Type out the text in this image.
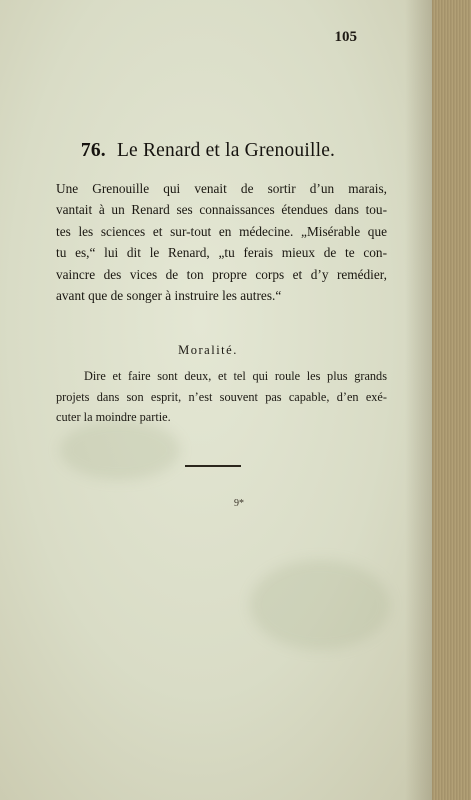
105
76. Le Renard et la Grenouille.

Une Grenouille qui venait de sortir d’un marais,
vantait à un Renard ses connaissances étendues dans tou-
tes les sciences et sur-tout en médecine. „Misérable que
tu es,“ lui dit le Renard, „tu ferais mieux de te con-
vaincre des vices de ton propre corps et d’y remédier,
avant que de songer à instruire les autres.“

Moralité.

Dire et faire sont deux, et tel qui roule les plus grands
projets dans son esprit, n’est souvent pas capable, d’en exé-
cuter la moindre partie.

9*
